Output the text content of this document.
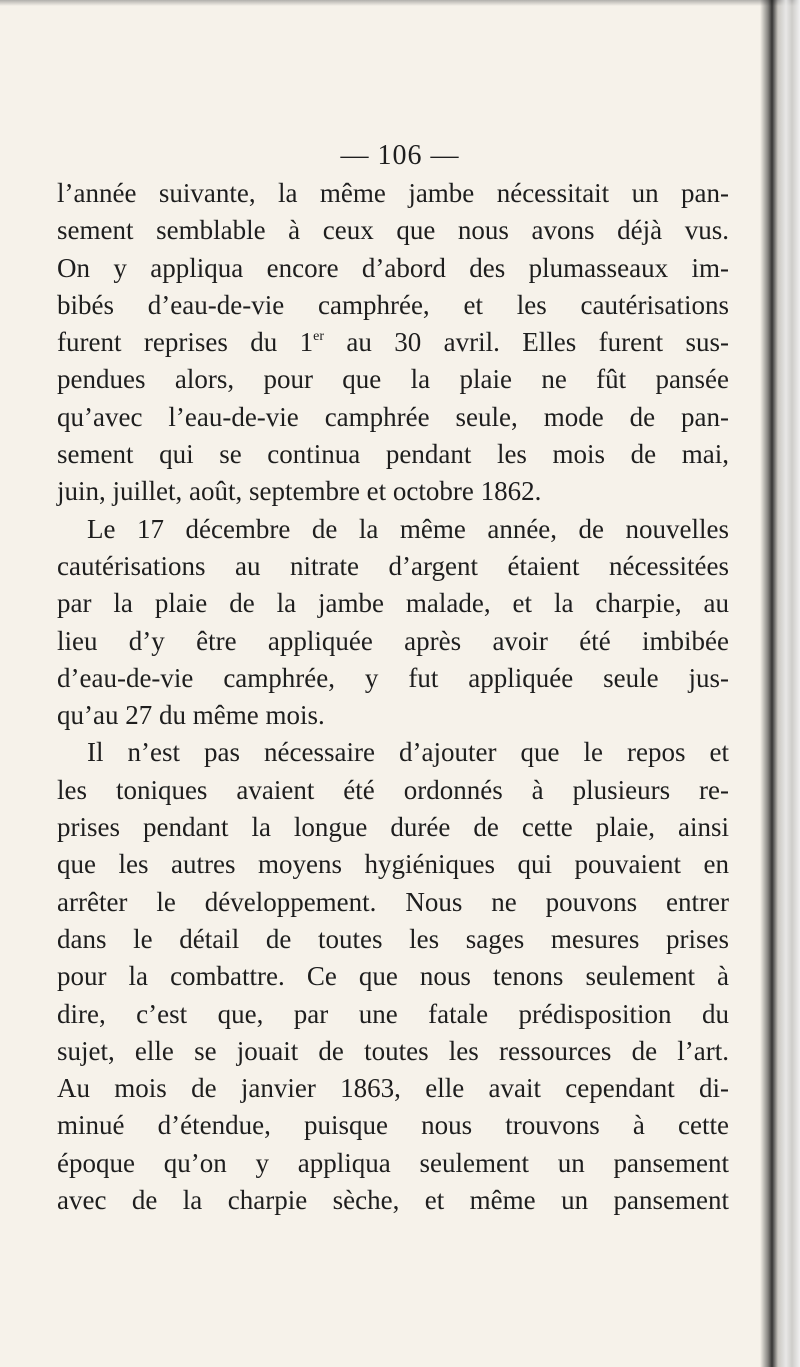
— 106 —
l’année suivante, la même jambe nécessitait un pan-
sement semblable à ceux que nous avons déjà vus.
On y appliqua encore d’abord des plumasseaux im-
bibés d’eau-de-vie camphrée, et les cautérisations
furent reprises du 1er au 30 avril. Elles furent sus-
pendues alors, pour que la plaie ne fût pansée
qu’avec l’eau-de-vie camphrée seule, mode de pan-
sement qui se continua pendant les mois de mai,
juin, juillet, août, septembre et octobre 1862.
Le 17 décembre de la même année, de nouvelles
cautérisations au nitrate d’argent étaient nécessitées
par la plaie de la jambe malade, et la charpie, au
lieu d’y être appliquée après avoir été imbibée
d’eau-de-vie camphrée, y fut appliquée seule jus-
qu’au 27 du même mois.
Il n’est pas nécessaire d’ajouter que le repos et
les toniques avaient été ordonnés à plusieurs re-
prises pendant la longue durée de cette plaie, ainsi
que les autres moyens hygiéniques qui pouvaient en
arrêter le développement. Nous ne pouvons entrer
dans le détail de toutes les sages mesures prises
pour la combattre. Ce que nous tenons seulement à
dire, c’est que, par une fatale prédisposition du
sujet, elle se jouait de toutes les ressources de l’art.
Au mois de janvier 1863, elle avait cependant di-
minué d’étendue, puisque nous trouvons à cette
époque qu’on y appliqua seulement un pansement
avec de la charpie sèche, et même un pansement
